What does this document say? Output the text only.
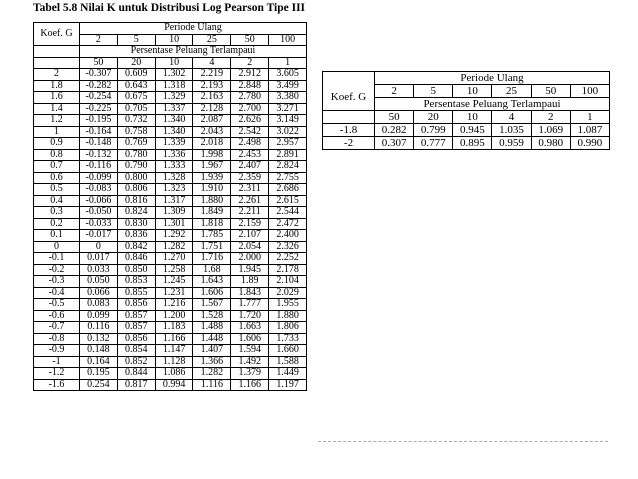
Tabel 5.8 Nilai K untuk Distribusi Log Pearson Tipe III
Koef. G	Periode Ulang					
	2	5	10	25	50	100
	Persentase Peluang Terlampaui					
	50	20	10	4	2	1
2	-0.307	0.609	1.302	2.219	2.912	3.605
1.8	-0.282	0.643	1.318	2.193	2.848	3.499
1.6	-0.254	0.675	1.329	2.163	2.780	3.380
1.4	-0.225	0.705	1.337	2.128	2.700	3.271
1.2	-0.195	0.732	1.340	2.087	2.626	3.149
1	-0.164	0.758	1.340	2.043	2.542	3.022
0.9	-0.148	0.769	1.339	2.018	2.498	2.957
0.8	-0.132	0.780	1.336	1.998	2.453	2.891
0.7	-0.116	0.790	1.333	1.967	2.407	2.824
0.6	-0.099	0.800	1.328	1.939	2.359	2.755
0.5	-0.083	0.806	1.323	1.910	2.311	2.686
0.4	-0.066	0.816	1.317	1.880	2.261	2.615
0.3	-0.050	0.824	1.309	1.849	2.211	2.544
0.2	-0.033	0.830	1.301	1.818	2.159	2.472
0.1	-0.017	0.836	1.292	1.785	2.107	2.400
0	0	0.842	1.282	1.751	2.054	2.326
-0.1	0.017	0.846	1.270	1.716	2.000	2.252
-0.2	0.033	0.850	1.258	1.68	1.945	2.178
-0.3	0.050	0.853	1.245	1.643	1.89	2.104
-0.4	0.066	0.855	1.231	1.606	1.843	2.029
-0.5	0.083	0.856	1.216	1.567	1.777	1.955
-0.6	0.099	0.857	1.200	1.528	1.720	1.880
-0.7	0.116	0.857	1.183	1.488	1.663	1.806
-0.8	0.132	0.856	1.166	1.448	1.606	1.733
-0.9	0.148	0.854	1.147	1.407	1.594	1.660
-1	0.164	0.852	1.128	1.366	1.492	1.588
-1.2	0.195	0.844	1.086	1.282	1.379	1.449
-1.6	0.254	0.817	0.994	1.116	1.166	1.197
	Periode Ulang					
Koef. G	2	5	10	25	50	100
	Persentase Peluang Terlampaui					
	50	20	10	4	2	1
-1.8	0.282	0.799	0.945	1.035	1.069	1.087
-2	0.307	0.777	0.895	0.959	0.980	0.990
